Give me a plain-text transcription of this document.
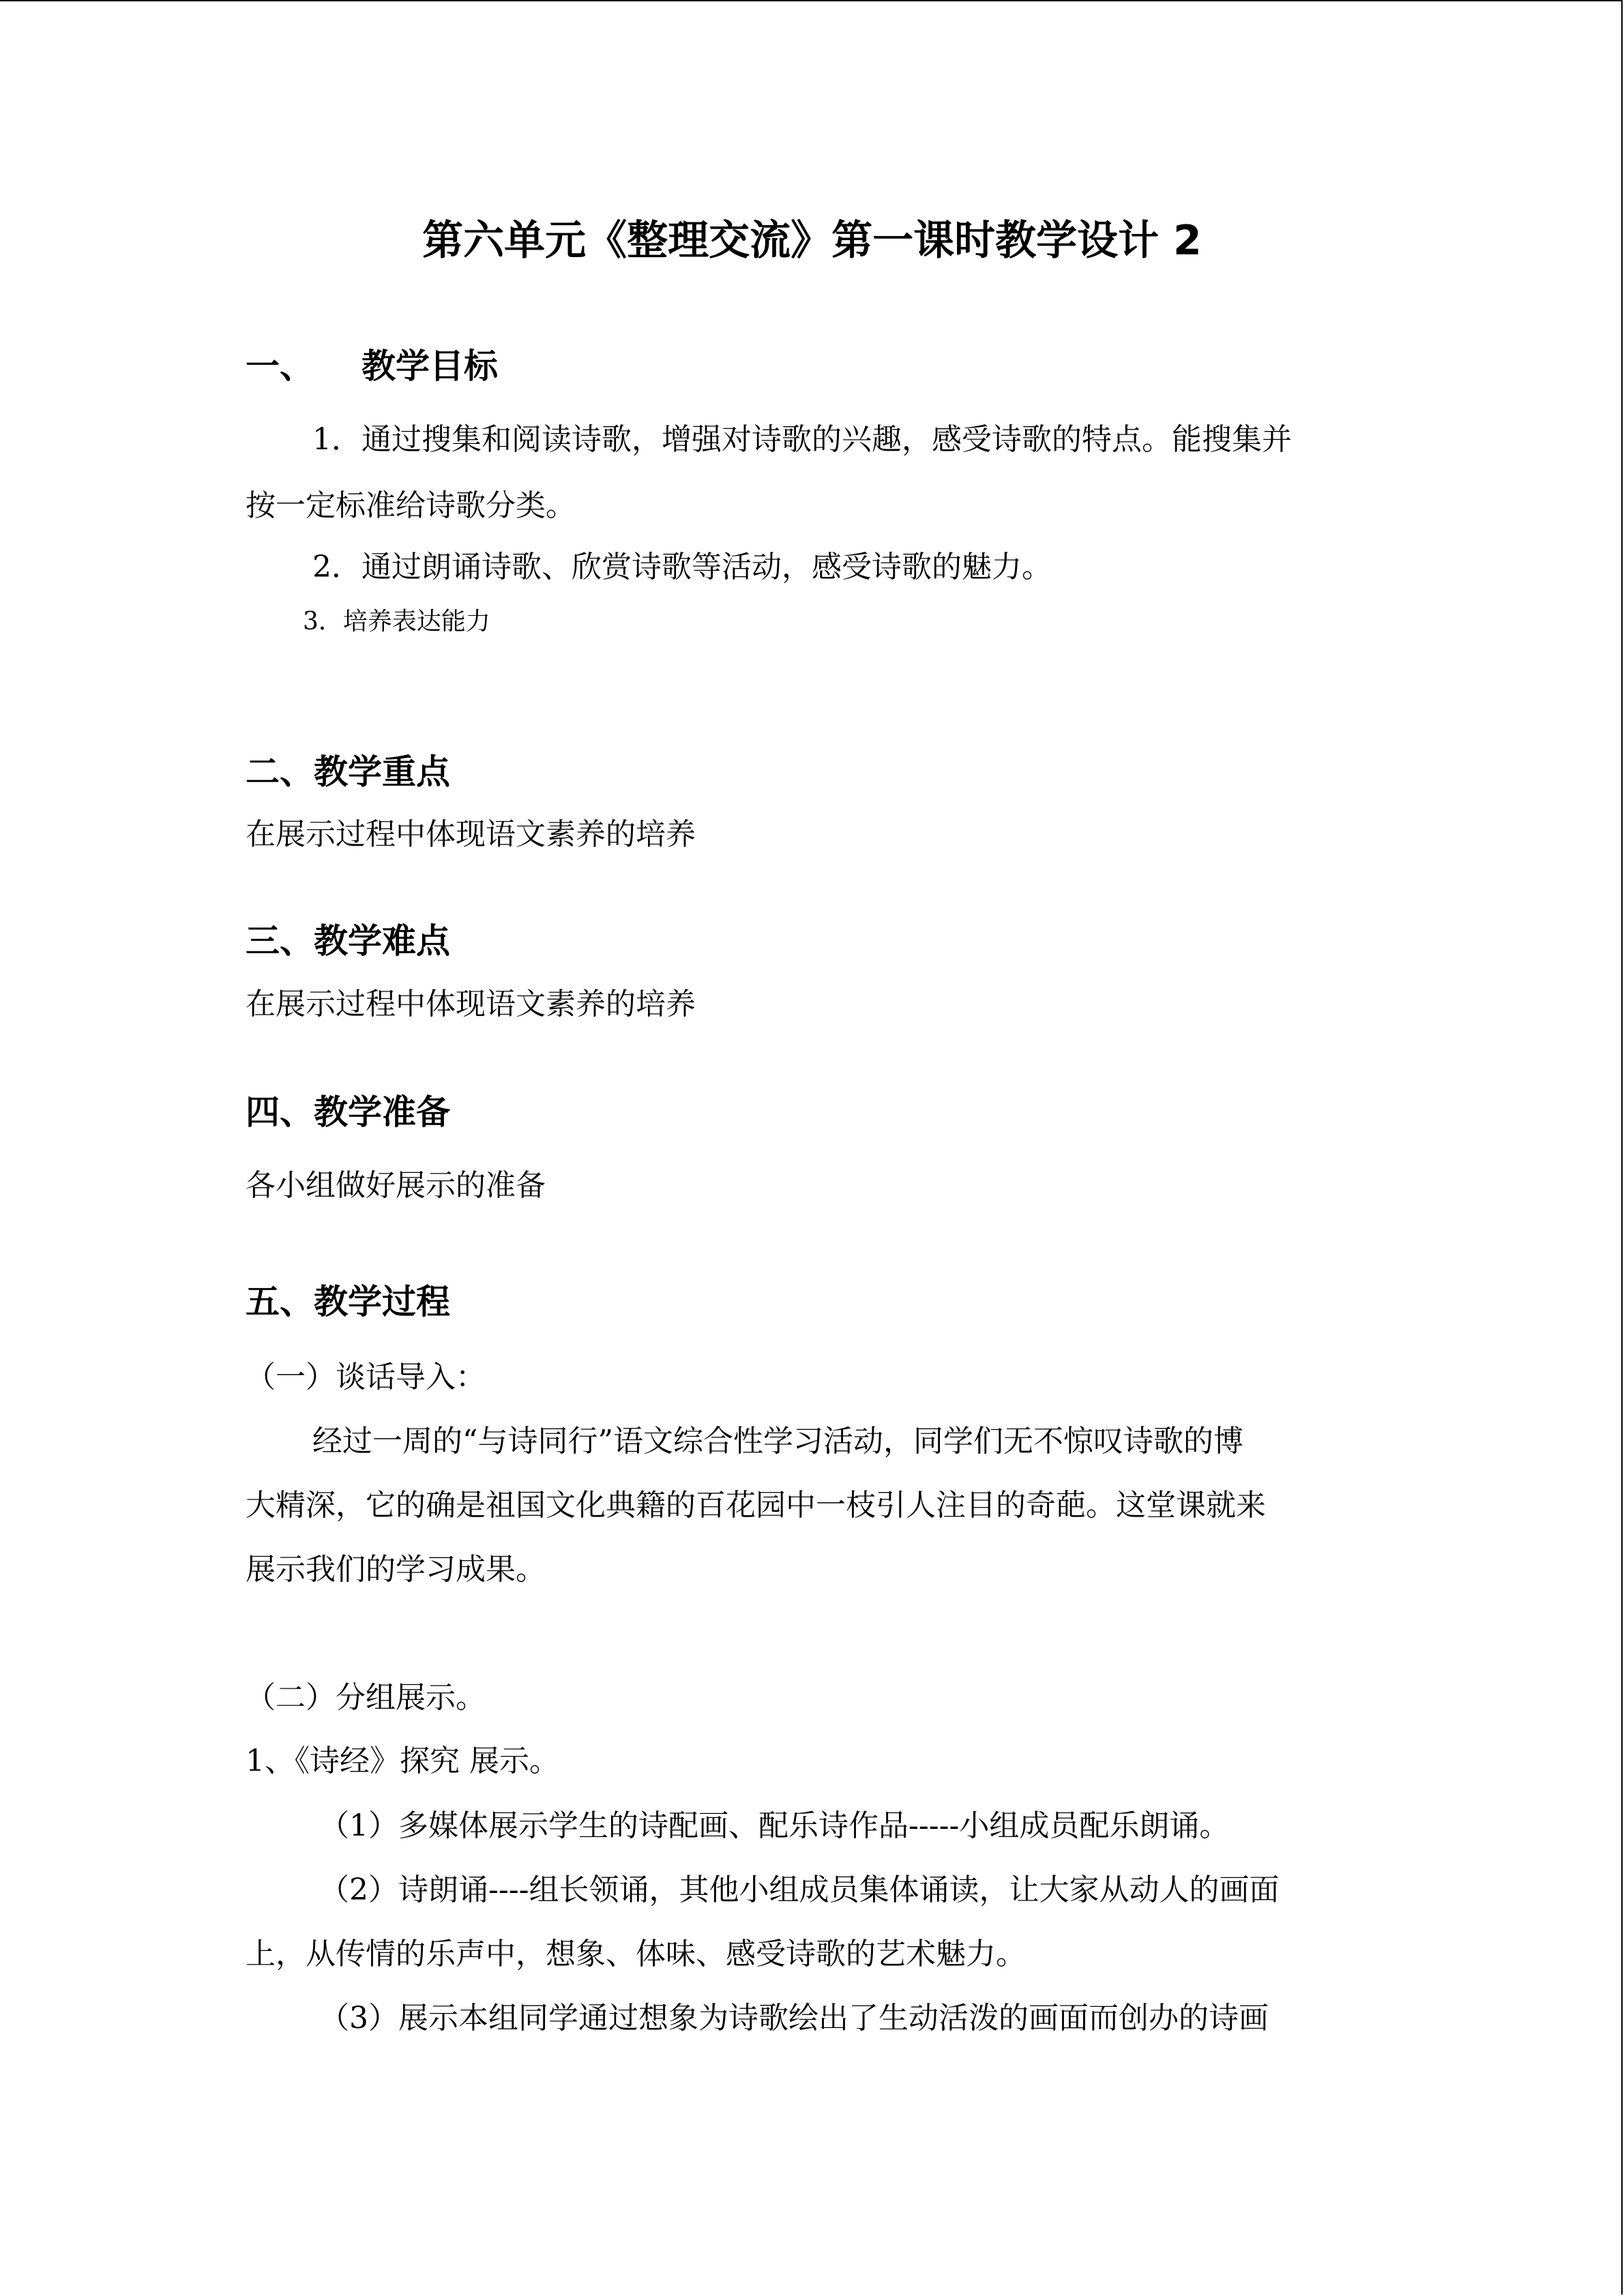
第六单元《整理交流》第一课时教学设计 2
一、 教学目标
1．通过搜集和阅读诗歌，增强对诗歌的兴趣，感受诗歌的特点。能搜集并
按一定标准给诗歌分类。
2．通过朗诵诗歌、欣赏诗歌等活动，感受诗歌的魅力。
3．培养表达能力
二、教学重点
在展示过程中体现语文素养的培养
三、教学难点
在展示过程中体现语文素养的培养
四、教学准备
各小组做好展示的准备
五、教学过程
（一）谈话导入：
经过一周的“与诗同行”语文综合性学习活动，同学们无不惊叹诗歌的博
大精深，它的确是祖国文化典籍的百花园中一枝引人注目的奇葩。这堂课就来
展示我们的学习成果。
（二）分组展示。
1、《诗经》探究 展示。
（1）多媒体展示学生的诗配画、配乐诗作品-----小组成员配乐朗诵。
（2）诗朗诵----组长领诵，其他小组成员集体诵读，让大家从动人的画面
上，从传情的乐声中，想象、体味、感受诗歌的艺术魅力。
（3）展示本组同学通过想象为诗歌绘出了生动活泼的画面而创办的诗画
